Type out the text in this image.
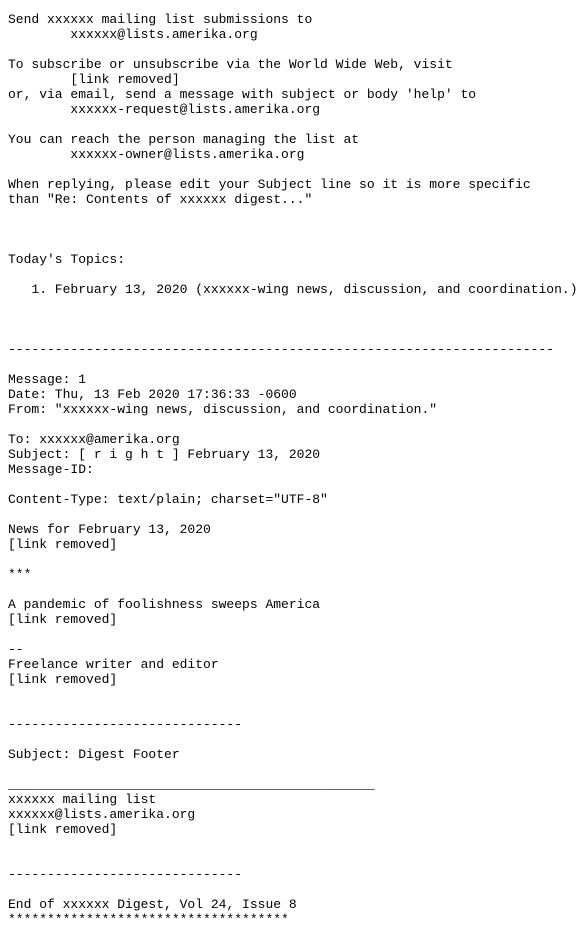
Send xxxxxx mailing list submissions to
xxxxxx@lists.amerika.org
To subscribe or unsubscribe via the World Wide Web, visit
[link removed]
or, via email, send a message with subject or body 'help' to
xxxxxx-request@lists.amerika.org
You can reach the person managing the list at
xxxxxx-owner@lists.amerika.org
When replying, please edit your Subject line so it is more specific
than "Re: Contents of xxxxxx digest..."
Today's Topics:
1. February 13, 2020 (xxxxxx-wing news, discussion, and coordination.)
----------------------------------------------------------------------
Message: 1
Date: Thu, 13 Feb 2020 17:36:33 -0600
From: "xxxxxx-wing news, discussion, and coordination."
To: xxxxxx@amerika.org
Subject: [ r i g h t ] February 13, 2020
Message-ID:
Content-Type: text/plain; charset="UTF-8"
News for February 13, 2020
[link removed]
***
A pandemic of foolishness sweeps America
[link removed]
--
Freelance writer and editor
[link removed]
------------------------------
Subject: Digest Footer
_______________________________________________
xxxxxx mailing list
xxxxxx@lists.amerika.org
[link removed]
------------------------------
End of xxxxxx Digest, Vol 24, Issue 8
************************************
